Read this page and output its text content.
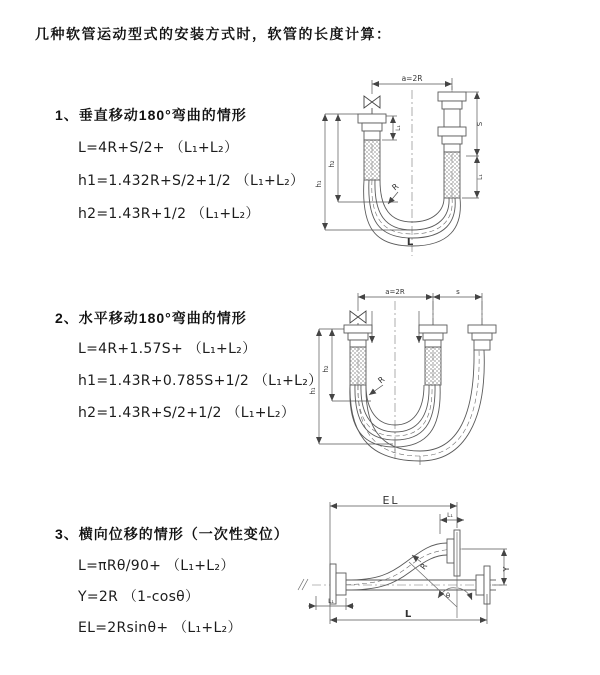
几种软管运动型式的安装方式时，软管的长度计算：
1、垂直移动180°弯曲的情形
L=4R+S/2+ （L₁+L₂）
h1=1.432R+S/2+1/2 （L₁+L₂）
h2=1.43R+1/2 （L₁+L₂）
2、水平移动180°弯曲的情形
L=4R+1.57S+ （L₁+L₂）
h1=1.43R+0.785S+1/2 （L₁+L₂）
h2=1.43R+S/2+1/2 （L₁+L₂）
3、横向位移的情形（一次性变位）
L=πRθ/90+ （L₁+L₂）
Y=2R （1-cosθ）
EL=2Rsinθ+ （L₁+L₂）
a=2R
h₁
h₂
L₁
S
L₁
R
L
a=2R	s
h₁
h₂
R
θ
R
EL
L₁
Y
L
L₁
